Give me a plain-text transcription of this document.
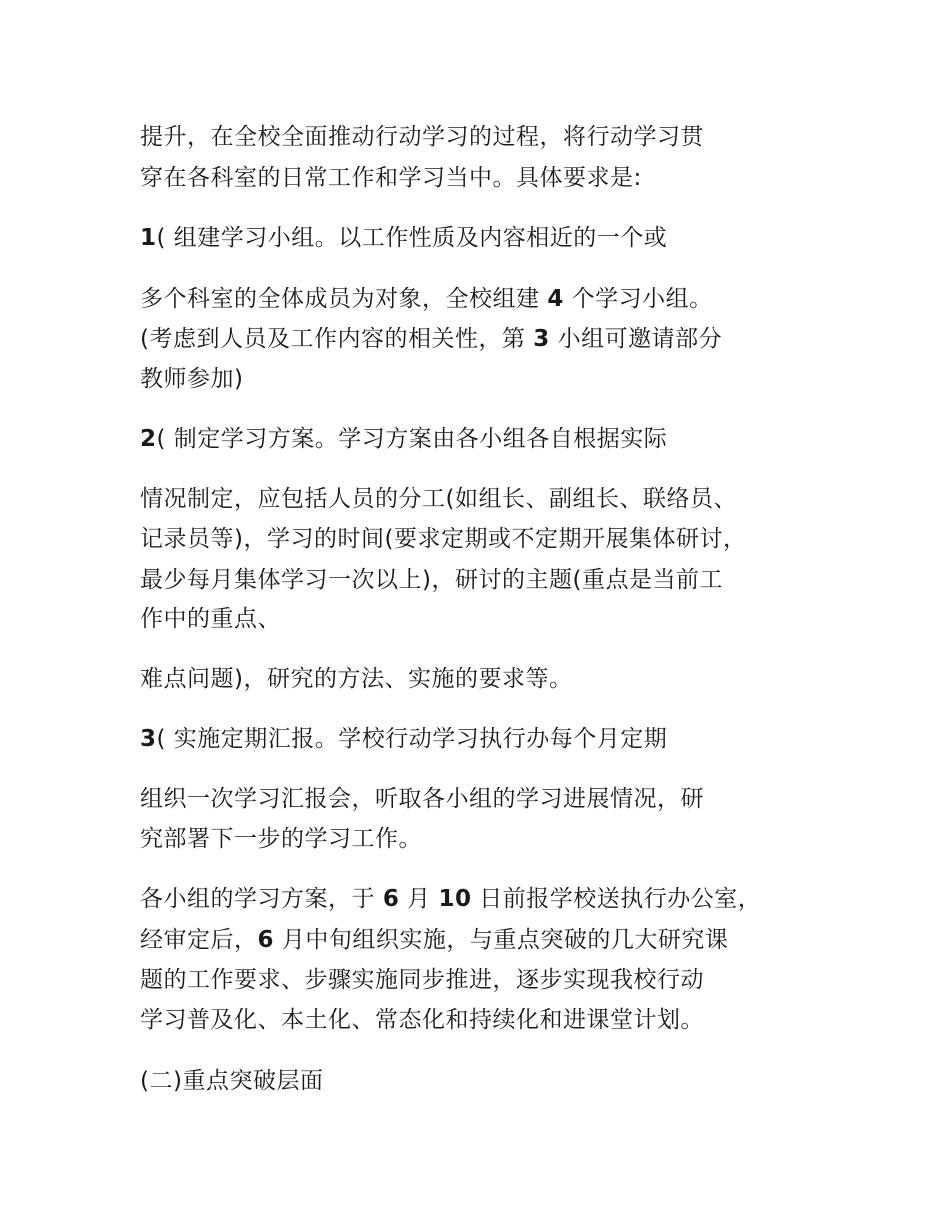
提升，在全校全面推动行动学习的过程，将行动学习贯
穿在各科室的日常工作和学习当中。具体要求是:
1( 组建学习小组。以工作性质及内容相近的一个或
多个科室的全体成员为对象，全校组建 4 个学习小组。
(考虑到人员及工作内容的相关性，第 3 小组可邀请部分
教师参加)
2( 制定学习方案。学习方案由各小组各自根据实际
情况制定，应包括人员的分工(如组长、副组长、联络员、
记录员等)，学习的时间(要求定期或不定期开展集体研讨，
最少每月集体学习一次以上)，研讨的主题(重点是当前工
作中的重点、
难点问题)，研究的方法、实施的要求等。
3( 实施定期汇报。学校行动学习执行办每个月定期
组织一次学习汇报会，听取各小组的学习进展情况，研
究部署下一步的学习工作。
各小组的学习方案，于 6 月 10 日前报学校送执行办公室，
经审定后，6 月中旬组织实施，与重点突破的几大研究课
题的工作要求、步骤实施同步推进，逐步实现我校行动
学习普及化、本土化、常态化和持续化和进课堂计划。
(二)重点突破层面
